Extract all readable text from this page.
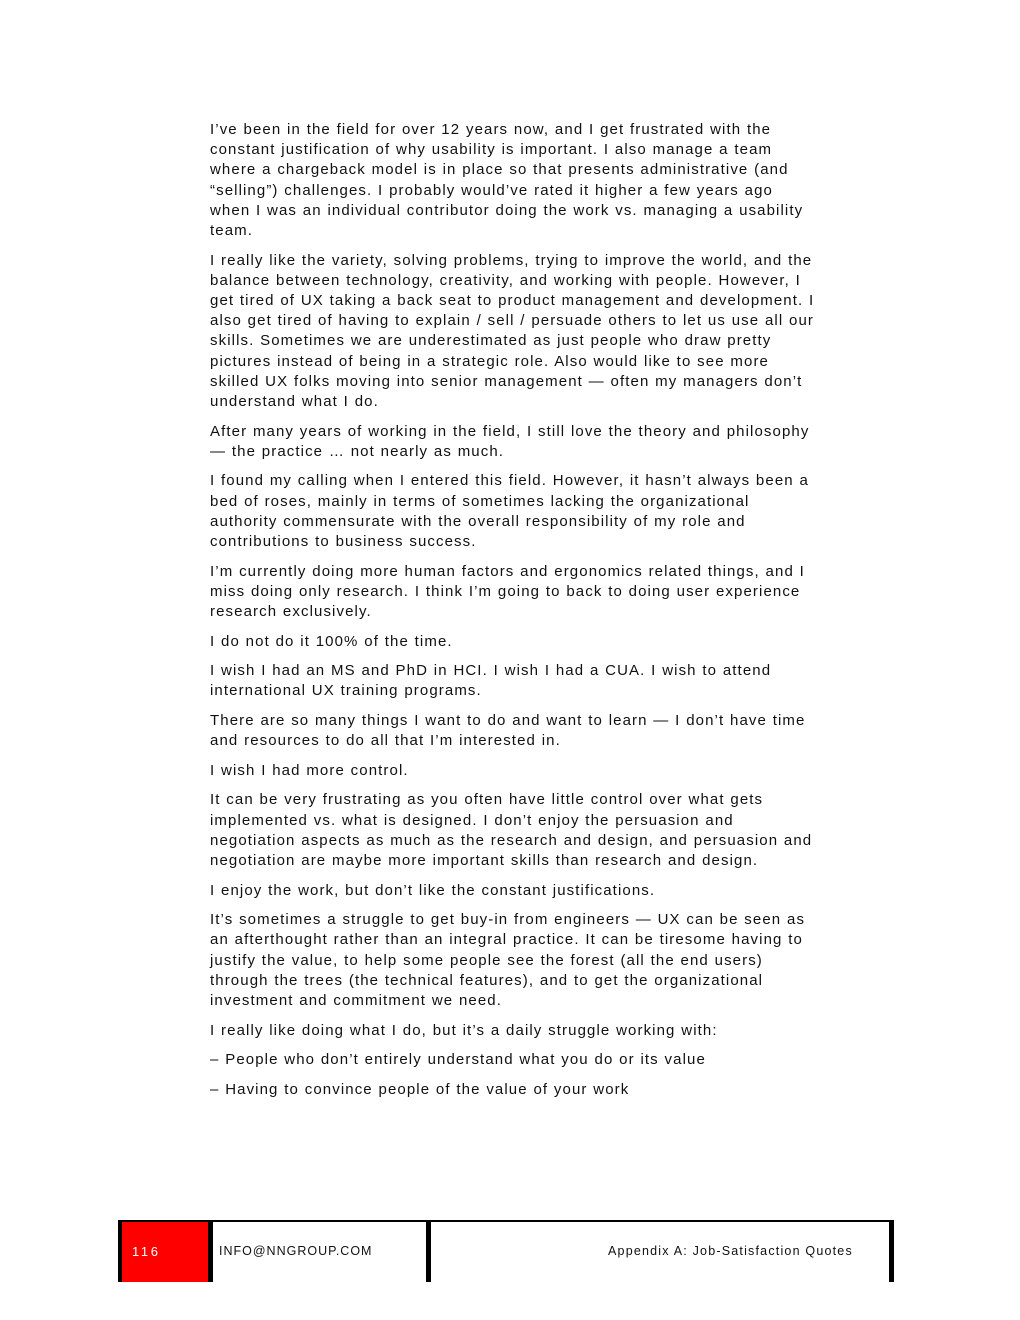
I’ve been in the field for over 12 years now, and I get frustrated with the constant justification of why usability is important. I also manage a team where a chargeback model is in place so that presents administrative (and “selling”) challenges. I probably would’ve rated it higher a few years ago when I was an individual contributor doing the work vs. managing a usability team.

I really like the variety, solving problems, trying to improve the world, and the balance between technology, creativity, and working with people. However, I get tired of UX taking a back seat to product management and development. I also get tired of having to explain / sell / persuade others to let us use all our skills. Sometimes we are underestimated as just people who draw pretty pictures instead of being in a strategic role. Also would like to see more skilled UX folks moving into senior management — often my managers don’t understand what I do.

After many years of working in the field, I still love the theory and philosophy — the practice … not nearly as much.

I found my calling when I entered this field. However, it hasn’t always been a bed of roses, mainly in terms of sometimes lacking the organizational authority commensurate with the overall responsibility of my role and contributions to business success.

I’m currently doing more human factors and ergonomics related things, and I miss doing only research. I think I’m going to back to doing user experience research exclusively.

I do not do it 100% of the time.

I wish I had an MS and PhD in HCI. I wish I had a CUA. I wish to attend international UX training programs.

There are so many things I want to do and want to learn — I don’t have time and resources to do all that I’m interested in.

I wish I had more control.

It can be very frustrating as you often have little control over what gets implemented vs. what is designed. I don’t enjoy the persuasion and negotiation aspects as much as the research and design, and persuasion and negotiation are maybe more important skills than research and design.

I enjoy the work, but don’t like the constant justifications.

It’s sometimes a struggle to get buy-in from engineers — UX can be seen as an afterthought rather than an integral practice. It can be tiresome having to justify the value, to help some people see the forest (all the end users) through the trees (the technical features), and to get the organizational investment and commitment we need.

I really like doing what I do, but it’s a daily struggle working with:

– People who don’t entirely understand what you do or its value

– Having to convince people of the value of your work

116	INFO@NNGROUP.COM	Appendix A: Job-Satisfaction Quotes
